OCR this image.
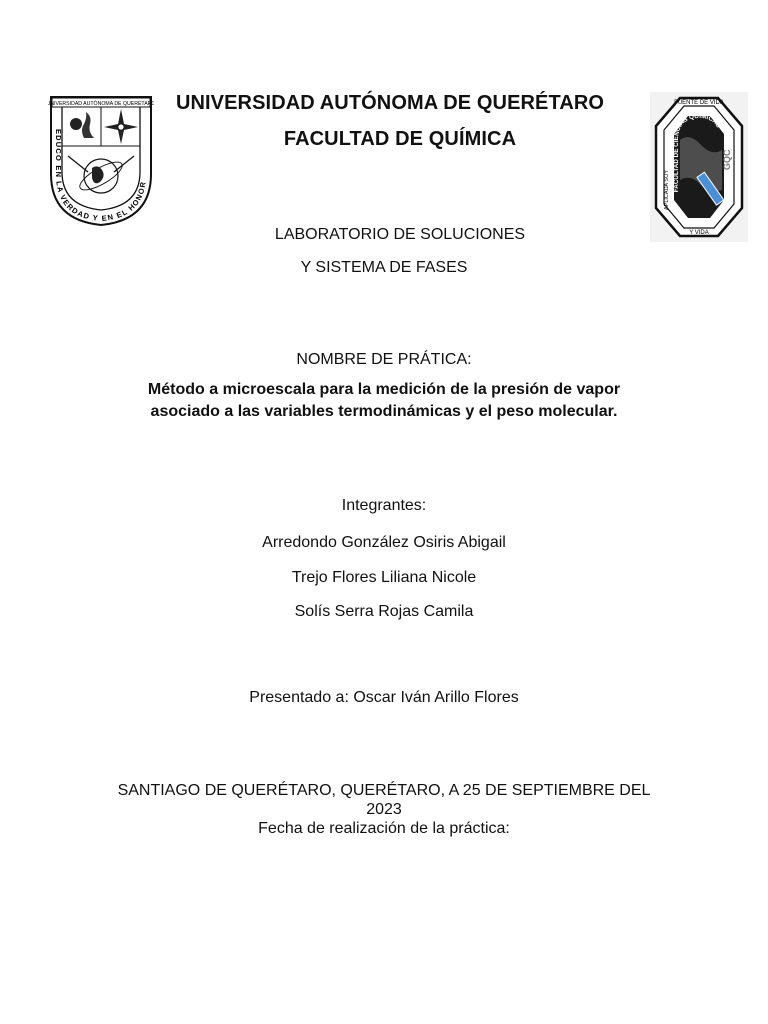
UNIVERSIDAD AUTÓNOMA DE QUERÉTARO
EDUCO EN LA VERDAD Y EN EL HONOR
FUENTE DE VIDA
Y VIDA
APLICADA SOY FACULTAD DE CIENCIAS QUÍMICAS
GQC
UNIVERSIDAD AUTÓNOMA DE QUERÉTARO
FACULTAD DE QUÍMICA
LABORATORIO DE SOLUCIONES
Y SISTEMA DE FASES
NOMBRE DE PRÁTICA:
Método a microescala para la medición de la presión de vapor
asociado a las variables termodinámicas y el peso molecular.
Integrantes:
Arredondo González Osiris Abigail
Trejo Flores Liliana Nicole
Solís Serra Rojas Camila
Presentado a: Oscar Iván Arillo Flores
SANTIAGO DE QUERÉTARO, QUERÉTARO, A 25 DE SEPTIEMBRE DEL
2023
Fecha de realización de la práctica:
